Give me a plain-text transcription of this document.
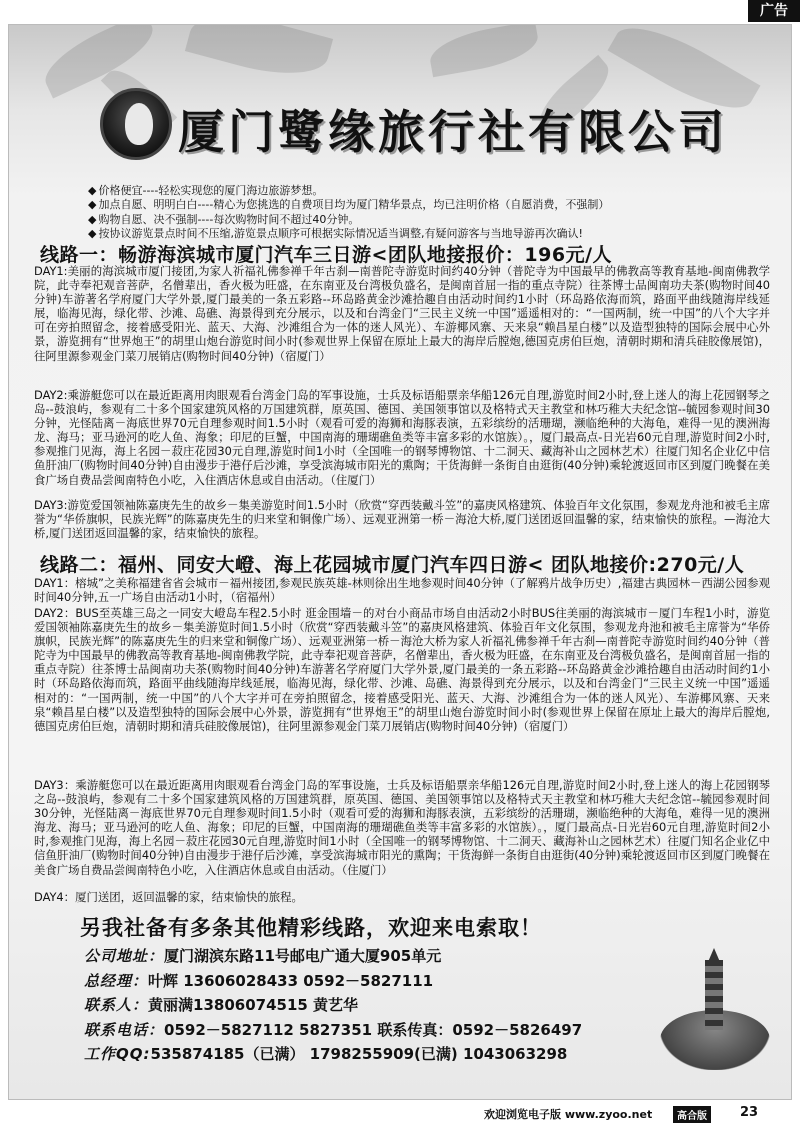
广告
厦门鹭缘旅行社有限公司
◆ 价格便宜----轻松实现您的厦门海边旅游梦想。
◆ 加点自愿、明明白白----精心为您挑选的自费项目均为厦门精华景点，均已注明价格（自愿消费，不强制）
◆ 购物自愿、决不强制----每次购物时间不超过40分钟。
◆ 按协议游览景点时间不压缩,游览景点顺序可根据实际情况适当调整,有疑问游客与当地导游再次确认!
线路一：畅游海滨城市厦门汽车三日游<团队地接报价：196元/人
DAY1:美丽的海滨城市厦门接团,为家人祈福礼佛参禅千年古刹—南普陀寺游览时间约40分钟（普陀寺为中国最早的佛教高等教育基地-闽南佛教学院，此寺奉祀观音菩萨，名僧辈出，香火极为旺盛，在东南亚及台湾极负盛名，是闽南首屈一指的重点寺院）往茶博士品闽南功夫茶(购物时间40分钟)车游著名学府厦门大学外景,厦门最美的一条五彩路--环岛路黄金沙滩拾趣自由活动时间约1小时（环岛路依海而筑，路面平曲线随海岸线延展，临海见海，绿化带、沙滩、岛礁、海景得到充分展示，以及和台湾金门“三民主义统一中国”遥遥相对的：“一国两制，统一中国”的八个大字并可在旁拍照留念，接着感受阳光、蓝天、大海、沙滩组合为一体的迷人风光）、车游椰风寨、天来泉“赖昌星白楼”以及造型独特的国际会展中心外景，游览拥有“世界炮王”的胡里山炮台游览时间小时(参观世界上保留在原址上最大的海岸后膛炮,德国克虏伯巨炮，清朝时期和清兵硅胶像展馆)，往阿里源参观金门菜刀展销店(购物时间40分钟)（宿厦门）
DAY2:乘游艇您可以在最近距离用肉眼观看台湾金门岛的军事设施，士兵及标语船票亲华船126元自理,游览时间2小时,登上迷人的海上花园钢琴之岛--鼓浪屿，参观有二十多个国家建筑风格的万国建筑群，原英国、德国、美国领事馆以及格特式天主教堂和林巧稚大夫纪念馆--毓园参观时间30分钟，光怪陆离－海底世界70元自理参观时间1.5小时（观看可爱的海狮和海豚表演，五彩缤纷的活珊瑚，濒临绝种的大海龟，难得一见的澳洲海龙、海马；亚马逊河的吃人鱼、海象；印尼的巨蟹，中国南海的珊瑚礁鱼类等丰富多彩的水馆族）。，厦门最高点-日光岩60元自理,游览时间2小时,参观推门见海，海上名园－菽庄花园30元自理,游览时间1小时（全国唯一的钢琴博物馆、十二洞天、藏海补山之园林艺术）往厦门知名企业亿中信鱼肝油厂(购物时间40分钟)自由漫步于港仔后沙滩，享受滨海城市阳光的熏陶；干货海鲜一条街自由逛街(40分钟)乘轮渡返回市区到厦门晚餐在美食广场自费品尝闽南特色小吃，入住酒店休息或自由活动。（住厦门）
DAY3:游览爱国领袖陈嘉庚先生的故乡－集美游览时间1.5小时（欣赏“穿西装戴斗笠”的嘉庚风格建筑、体验百年文化氛围，参观龙舟池和被毛主席誉为“华侨旗帜，民族光辉”的陈嘉庚先生的归来堂和铜像广场）、远观亚洲第一桥－海沧大桥,厦门送团返回温馨的家，结束愉快的旅程。—海沧大桥,厦门送团返回温馨的家，结束愉快的旅程。
线路二：福州、同安大嶝、海上花园城市厦门汽车四日游< 团队地接价:270元/人
DAY1：榕城”之美称福建省省会城市－福州接团,参观民族英雄-林则徐出生地参观时间40分钟（了解鸦片战争历史）,福建古典园林－西湖公园参观时间40分钟,五一广场自由活动1小时，（宿福州）
DAY2：BUS至英雄三岛之一同安大嶝岛车程2.5小时 逛金围墙－的对台小商品市场自由活动2小时BUS往美丽的海滨城市－厦门车程1小时，游览爱国领袖陈嘉庚先生的故乡－集美游览时间1.5小时（欣赏“穿西装戴斗笠”的嘉庚风格建筑、体验百年文化氛围，参观龙舟池和被毛主席誉为“华侨旗帜，民族光辉”的陈嘉庚先生的归来堂和铜像广场）、远观亚洲第一桥－海沧大桥为家人祈福礼佛参禅千年古刹—南普陀寺游览时间约40分钟（普陀寺为中国最早的佛教高等教育基地-闽南佛教学院，此寺奉祀观音菩萨，名僧辈出，香火极为旺盛，在东南亚及台湾极负盛名，是闽南首屈一指的重点寺院）往茶博士品闽南功夫茶(购物时间40分钟)车游著名学府厦门大学外景,厦门最美的一条五彩路--环岛路黄金沙滩拾趣自由活动时间约1小时（环岛路依海而筑，路面平曲线随海岸线延展，临海见海，绿化带、沙滩、岛礁、海景得到充分展示，以及和台湾金门“三民主义统一中国”遥遥相对的：“一国两制，统一中国”的八个大字并可在旁拍照留念，接着感受阳光、蓝天、大海、沙滩组合为一体的迷人风光）、车游椰风寨、天来泉“赖昌星白楼”以及造型独特的国际会展中心外景，游览拥有“世界炮王”的胡里山炮台游览时间小时(参观世界上保留在原址上最大的海岸后膛炮,德国克虏伯巨炮，清朝时期和清兵硅胶像展馆)，往阿里源参观金门菜刀展销店(购物时间40分钟)（宿厦门）
DAY3：乘游艇您可以在最近距离用肉眼观看台湾金门岛的军事设施，士兵及标语船票亲华船126元自理,游览时间2小时,登上迷人的海上花园钢琴之岛--鼓浪屿，参观有二十多个国家建筑风格的万国建筑群，原英国、德国、美国领事馆以及格特式天主教堂和林巧稚大夫纪念馆--毓园参观时间30分钟，光怪陆离－海底世界70元自理参观时间1.5小时（观看可爱的海狮和海豚表演，五彩缤纷的活珊瑚，濒临绝种的大海龟，难得一见的澳洲海龙、海马；亚马逊河的吃人鱼、海象；印尼的巨蟹，中国南海的珊瑚礁鱼类等丰富多彩的水馆族）。，厦门最高点-日光岩60元自理,游览时间2小时,参观推门见海，海上名园－菽庄花园30元自理,游览时间1小时（全国唯一的钢琴博物馆、十二洞天、藏海补山之园林艺术）往厦门知名企业亿中信鱼肝油厂(购物时间40分钟)自由漫步于港仔后沙滩，享受滨海城市阳光的熏陶；干货海鲜一条街自由逛街(40分钟)乘轮渡返回市区到厦门晚餐在美食广场自费品尝闽南特色小吃，入住酒店休息或自由活动。（住厦门）
DAY4：厦门送团，返回温馨的家，结束愉快的旅程。
另我社备有多条其他精彩线路，欢迎来电索取！
公司地址：厦门湖滨东路11号邮电广通大厦905单元
总经理：叶辉 13606028433 0592－5827111
联系人：黄丽满13806074515 黄艺华
联系电话：0592－5827112 5827351 联系传真：0592－5826497
工作QQ:535874185（已满） 1798255909(已满) 1043063298
欢迎浏览电子版 www.zyoo.net	高合版	23
